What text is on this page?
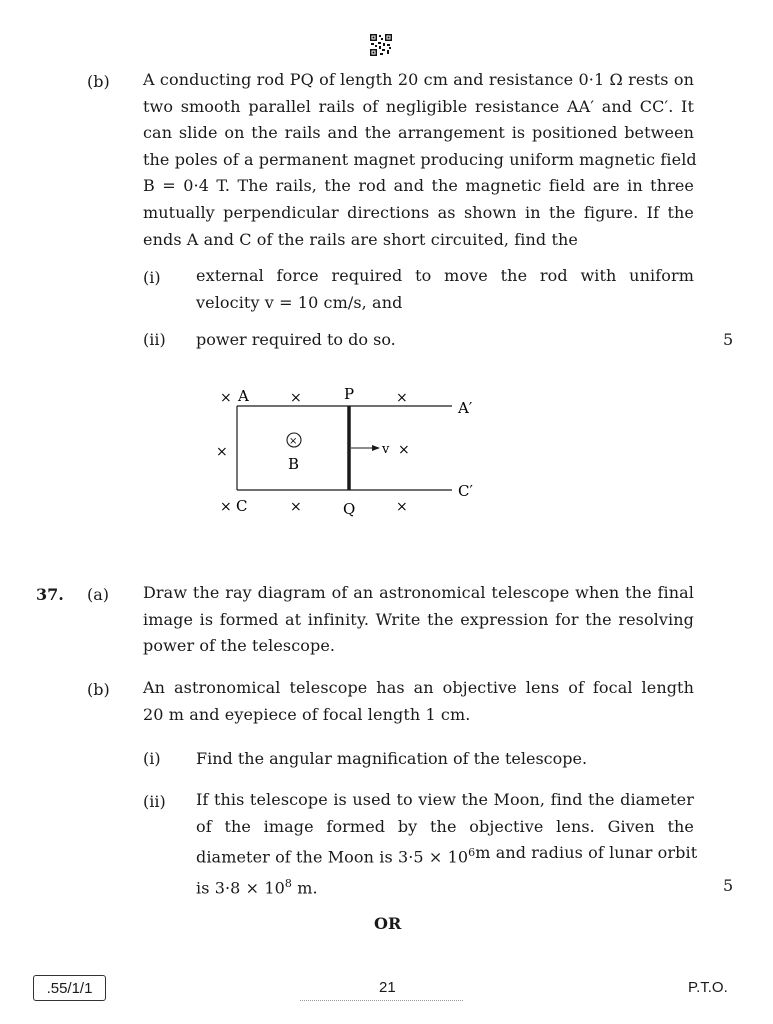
(b) A conducting rod PQ of length 20 cm and resistance 0·1 Ω rests on
two smooth parallel rails of negligible resistance AA′ and CC′. It
can slide on the rails and the arrangement is positioned between
the poles of a permanent magnet producing uniform magnetic field
B = 0·4 T. The rails, the rod and the magnetic field are in three
mutually perpendicular directions as shown in the figure. If the
ends A and C of the rails are short circuited, find the
(i) external force required to move the rod with uniform
velocity v = 10 cm/s, and
(ii) power required to do so.	5
×	×	×
×	×
×	×	×
A	P
A′
×
B
v
C	Q
C′
37. (a) Draw the ray diagram of an astronomical telescope when the final
image is formed at infinity. Write the expression for the resolving
power of the telescope.
(b) An astronomical telescope has an objective lens of focal length
20 m and eyepiece of focal length 1 cm.
(i) Find the angular magnification of the telescope.
(ii) If this telescope is used to view the Moon, find the diameter
of the image formed by the objective lens. Given the
diameter of the Moon is $3\cdot 5 \times 10^6$ m and radius of lunar orbit
is $3\cdot 8 \times 10^8$ m.	5
OR
.55/1/1	21	P.T.O.
